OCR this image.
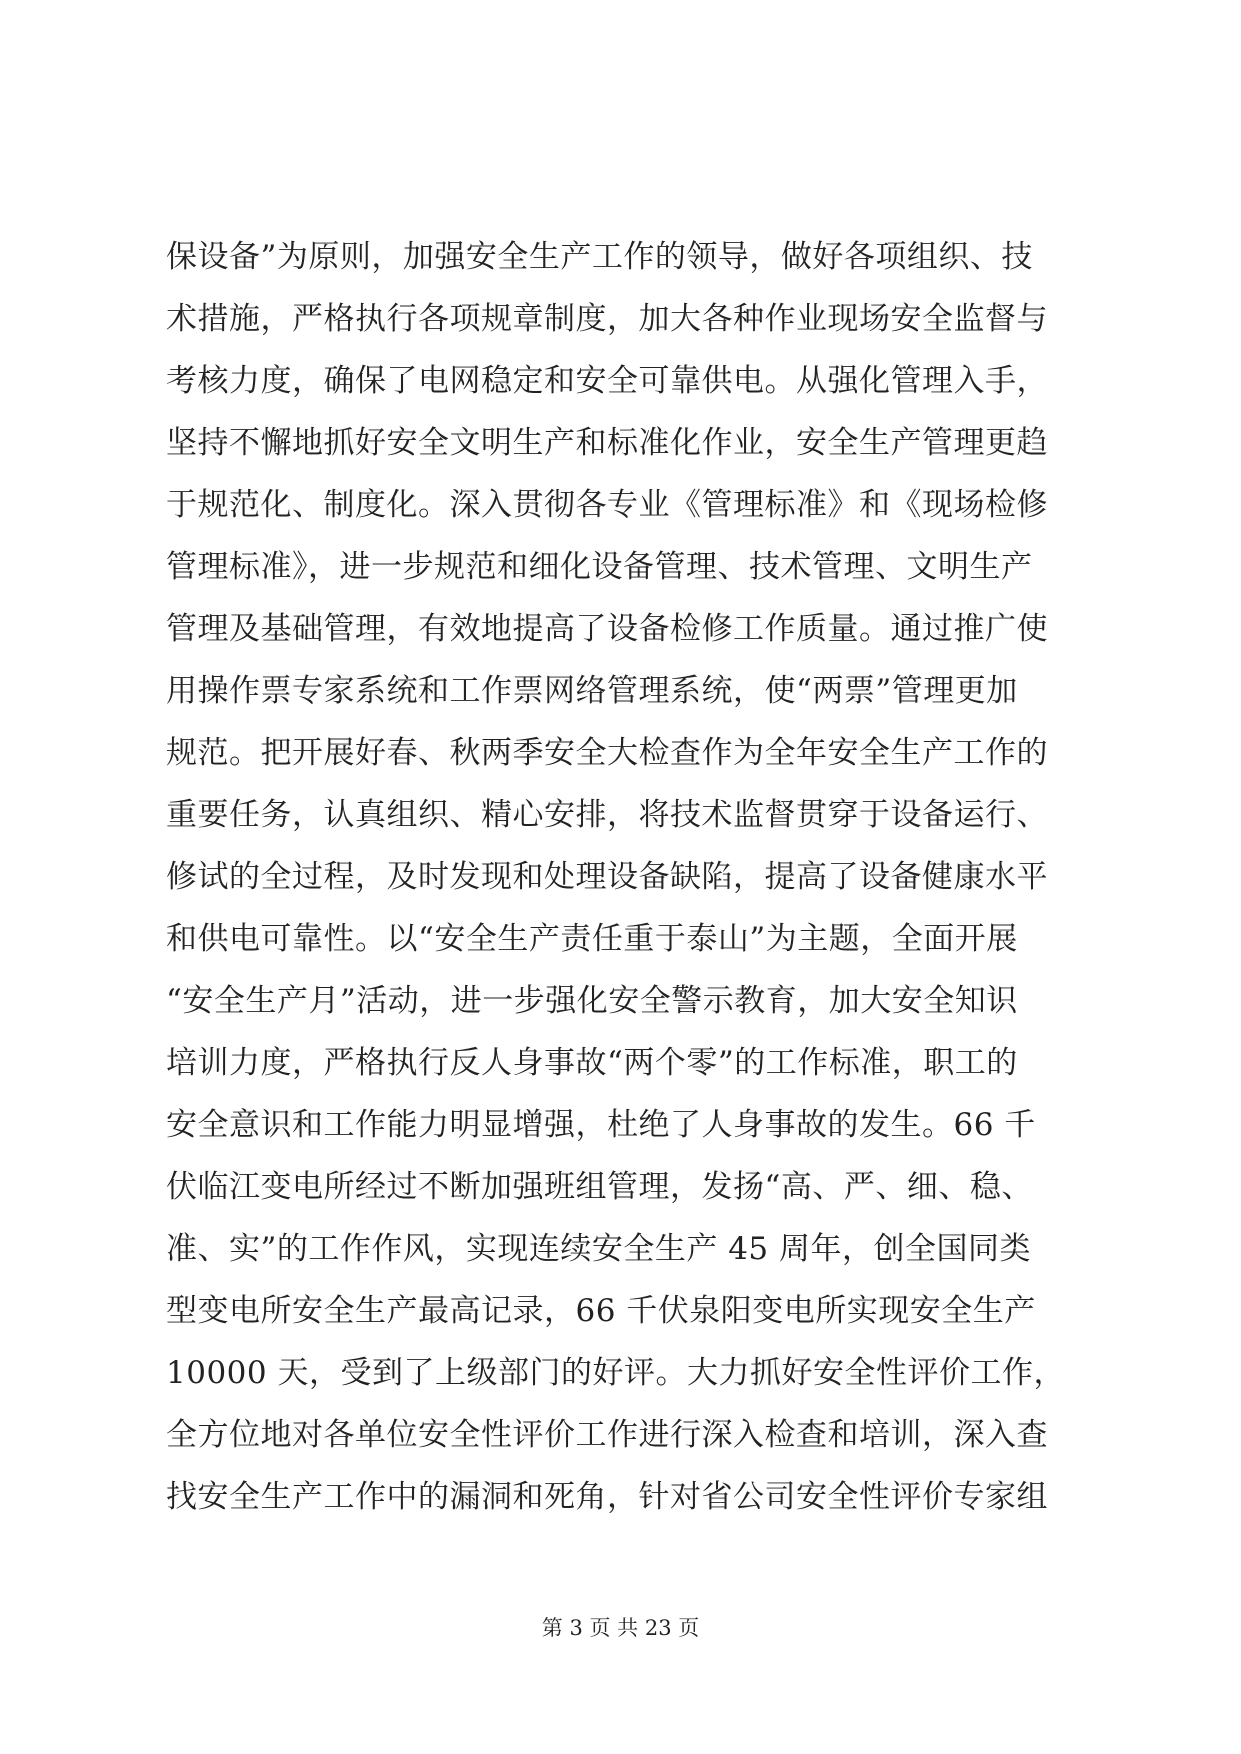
保设备”为原则，加强安全生产工作的领导，做好各项组织、技
术措施，严格执行各项规章制度，加大各种作业现场安全监督与
考核力度，确保了电网稳定和安全可靠供电。从强化管理入手，
坚持不懈地抓好安全文明生产和标准化作业，安全生产管理更趋
于规范化、制度化。深入贯彻各专业《管理标准》和《现场检修
管理标准》，进一步规范和细化设备管理、技术管理、文明生产
管理及基础管理，有效地提高了设备检修工作质量。通过推广使
用操作票专家系统和工作票网络管理系统，使“两票”管理更加
规范。把开展好春、秋两季安全大检查作为全年安全生产工作的
重要任务，认真组织、精心安排，将技术监督贯穿于设备运行、
修试的全过程，及时发现和处理设备缺陷，提高了设备健康水平
和供电可靠性。以“安全生产责任重于泰山”为主题，全面开展
“安全生产月”活动，进一步强化安全警示教育，加大安全知识
培训力度，严格执行反人身事故“两个零”的工作标准，职工的
安全意识和工作能力明显增强，杜绝了人身事故的发生。66 千
伏临江变电所经过不断加强班组管理，发扬“高、严、细、稳、
准、实”的工作作风，实现连续安全生产 45 周年，创全国同类
型变电所安全生产最高记录，66 千伏泉阳变电所实现安全生产
10000 天，受到了上级部门的好评。大力抓好安全性评价工作，
全方位地对各单位安全性评价工作进行深入检查和培训，深入查
找安全生产工作中的漏洞和死角，针对省公司安全性评价专家组
第 3 页 共 23 页
